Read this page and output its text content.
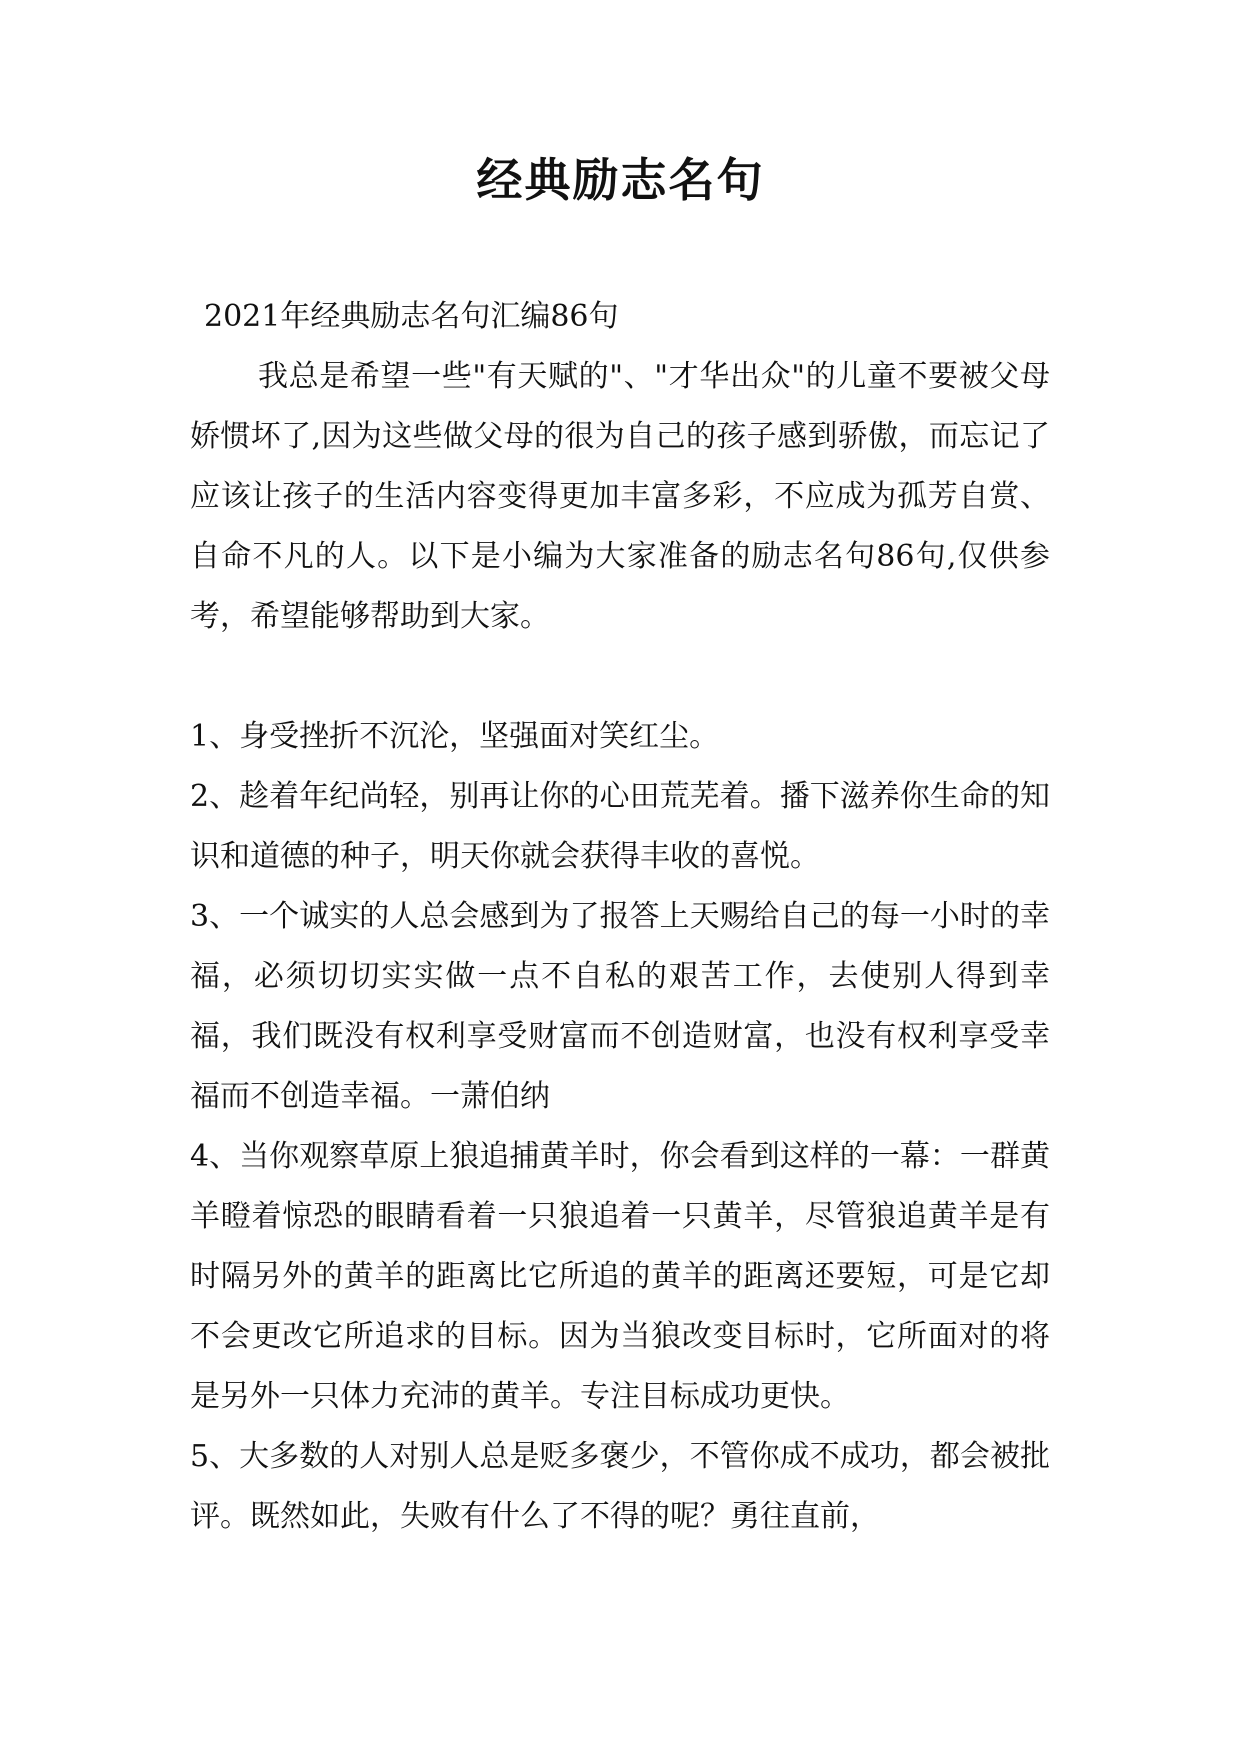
经典励志名句
2021年经典励志名句汇编86句
我总是希望一些"有天赋的"、"才华出众"的儿童不要被父母娇惯坏了,因为这些做父母的很为自己的孩子感到骄傲，而忘记了应该让孩子的生活内容变得更加丰富多彩，不应成为孤芳自赏、自命不凡的人。以下是小编为大家准备的励志名句86句,仅供参考，希望能够帮助到大家。
1、身受挫折不沉沦，坚强面对笑红尘。
2、趁着年纪尚轻，别再让你的心田荒芜着。播下滋养你生命的知识和道德的种子，明天你就会获得丰收的喜悦。
3、一个诚实的人总会感到为了报答上天赐给自己的每一小时的幸福，必须切切实实做一点不自私的艰苦工作，去使别人得到幸福，我们既没有权利享受财富而不创造财富，也没有权利享受幸福而不创造幸福。一萧伯纳
4、当你观察草原上狼追捕黄羊时，你会看到这样的一幕：一群黄羊瞪着惊恐的眼睛看着一只狼追着一只黄羊，尽管狼追黄羊是有时隔另外的黄羊的距离比它所追的黄羊的距离还要短，可是它却不会更改它所追求的目标。因为当狼改变目标时，它所面对的将是另外一只体力充沛的黄羊。专注目标成功更快。
5、大多数的人对别人总是贬多褒少，不管你成不成功，都会被批评。既然如此，失败有什么了不得的呢？勇往直前，
